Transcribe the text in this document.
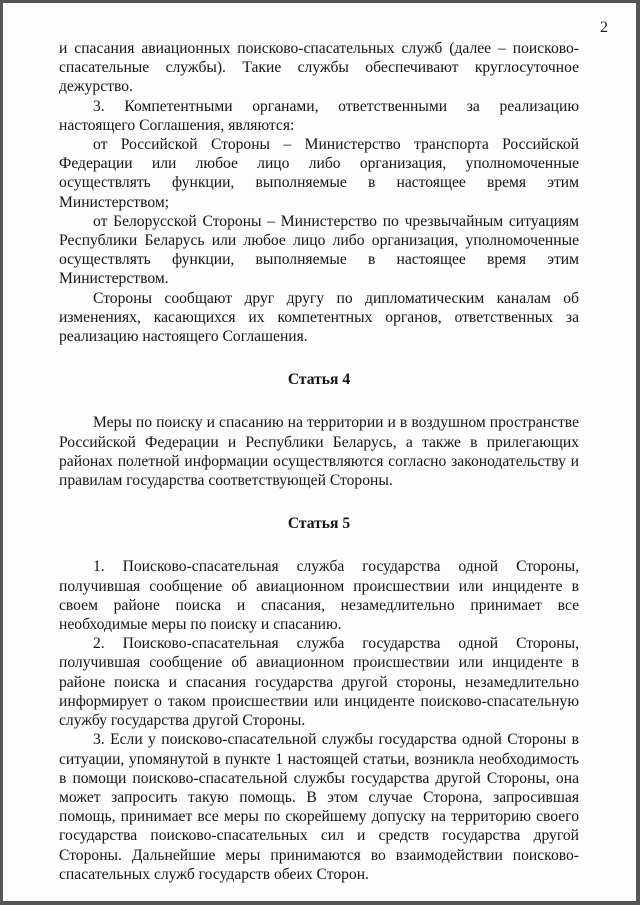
2

и спасания авиационных поисково-спасательных служб (далее – поисково-спасательные службы). Такие службы обеспечивают круглосуточное дежурство.

3. Компетентными органами, ответственными за реализацию настоящего Соглашения, являются:

от Российской Стороны – Министерство транспорта Российской Федерации или любое лицо либо организация, уполномоченные осуществлять функции, выполняемые в настоящее время этим Министерством;

от Белорусской Стороны – Министерство по чрезвычайным ситуациям Республики Беларусь или любое лицо либо организация, уполномоченные осуществлять функции, выполняемые в настоящее время этим Министерством.

Стороны сообщают друг другу по дипломатическим каналам об изменениях, касающихся их компетентных органов, ответственных за реализацию настоящего Соглашения.

Статья 4

Меры по поиску и спасанию на территории и в воздушном пространстве Российской Федерации и Республики Беларусь, а также в прилегающих районах полетной информации осуществляются согласно законодательству и правилам государства соответствующей Стороны.

Статья 5

1. Поисково-спасательная служба государства одной Стороны, получившая сообщение об авиационном происшествии или инциденте в своем районе поиска и спасания, незамедлительно принимает все необходимые меры по поиску и спасанию.

2. Поисково-спасательная служба государства одной Стороны, получившая сообщение об авиационном происшествии или инциденте в районе поиска и спасания государства другой стороны, незамедлительно информирует о таком происшествии или инциденте поисково-спасательную службу государства другой Стороны.

3. Если у поисково-спасательной службы государства одной Стороны в ситуации, упомянутой в пункте 1 настоящей статьи, возникла необходимость в помощи поисково-спасательной службы государства другой Стороны, она может запросить такую помощь. В этом случае Сторона, запросившая помощь, принимает все меры по скорейшему допуску на территорию своего государства поисково-спасательных сил и средств государства другой Стороны. Дальнейшие меры принимаются во взаимодействии поисково-спасательных служб государств обеих Сторон.
